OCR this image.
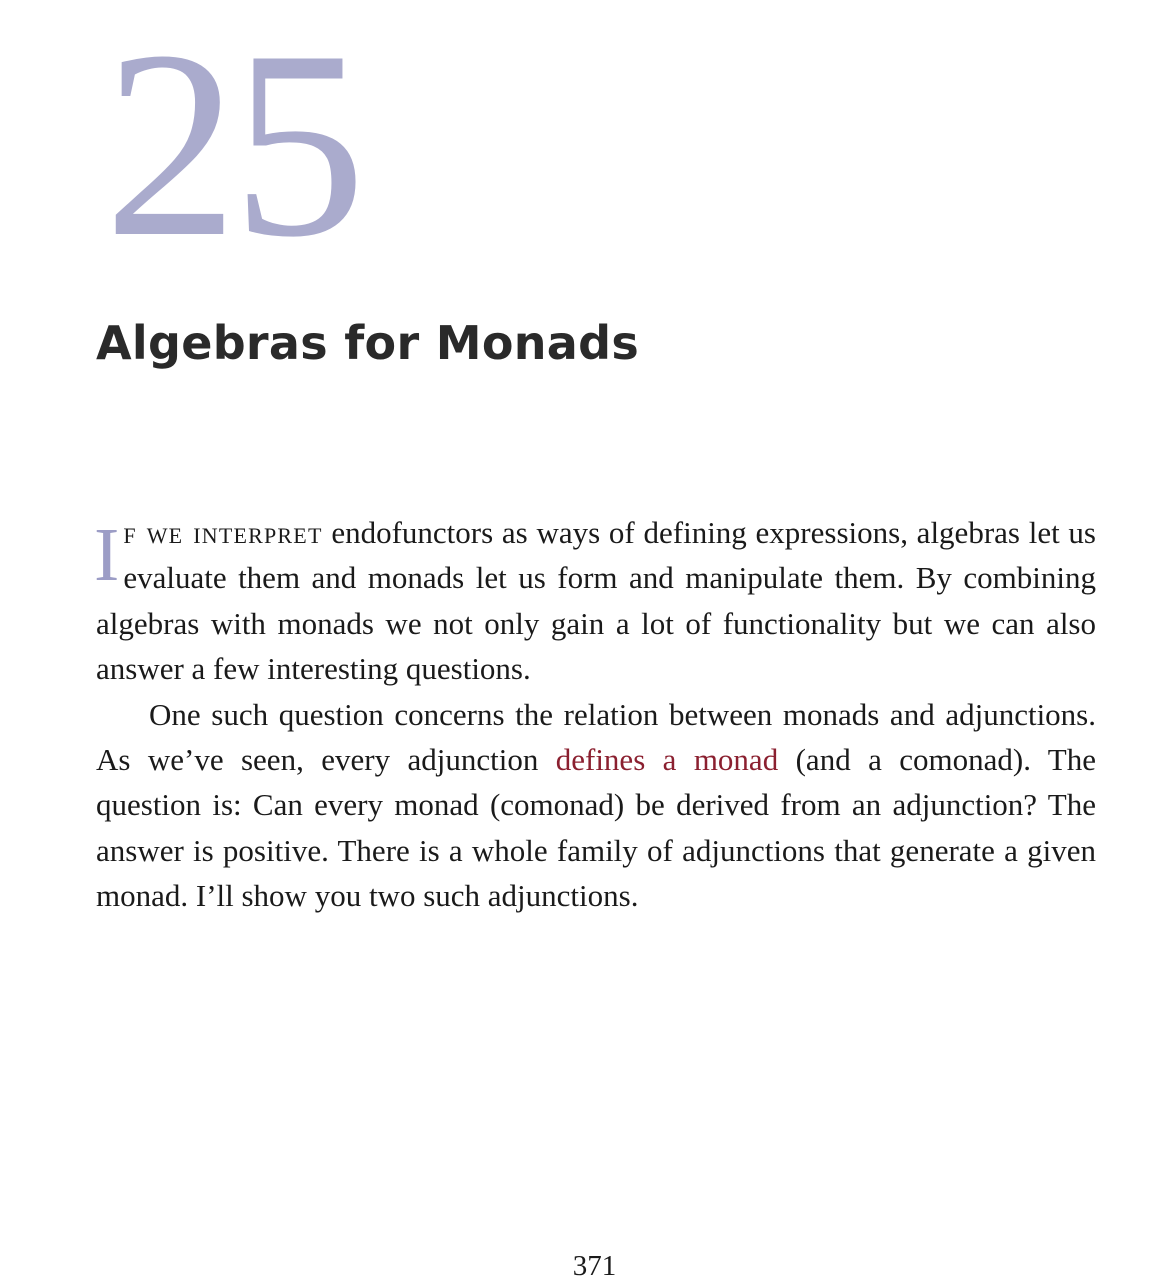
25
Algebras for Monads

If we interpret endofunctors as ways of defining expressions, algebras let us evaluate them and monads let us form and manipulate them. By combining algebras with monads we not only gain a lot of functionality but we can also answer a few interesting questions.

One such question concerns the relation between monads and adjunctions. As we’ve seen, every adjunction defines a monad (and a comonad). The question is: Can every monad (comonad) be derived from an adjunction? The answer is positive. There is a whole family of adjunctions that generate a given monad. I’ll show you two such adjunctions.

371
